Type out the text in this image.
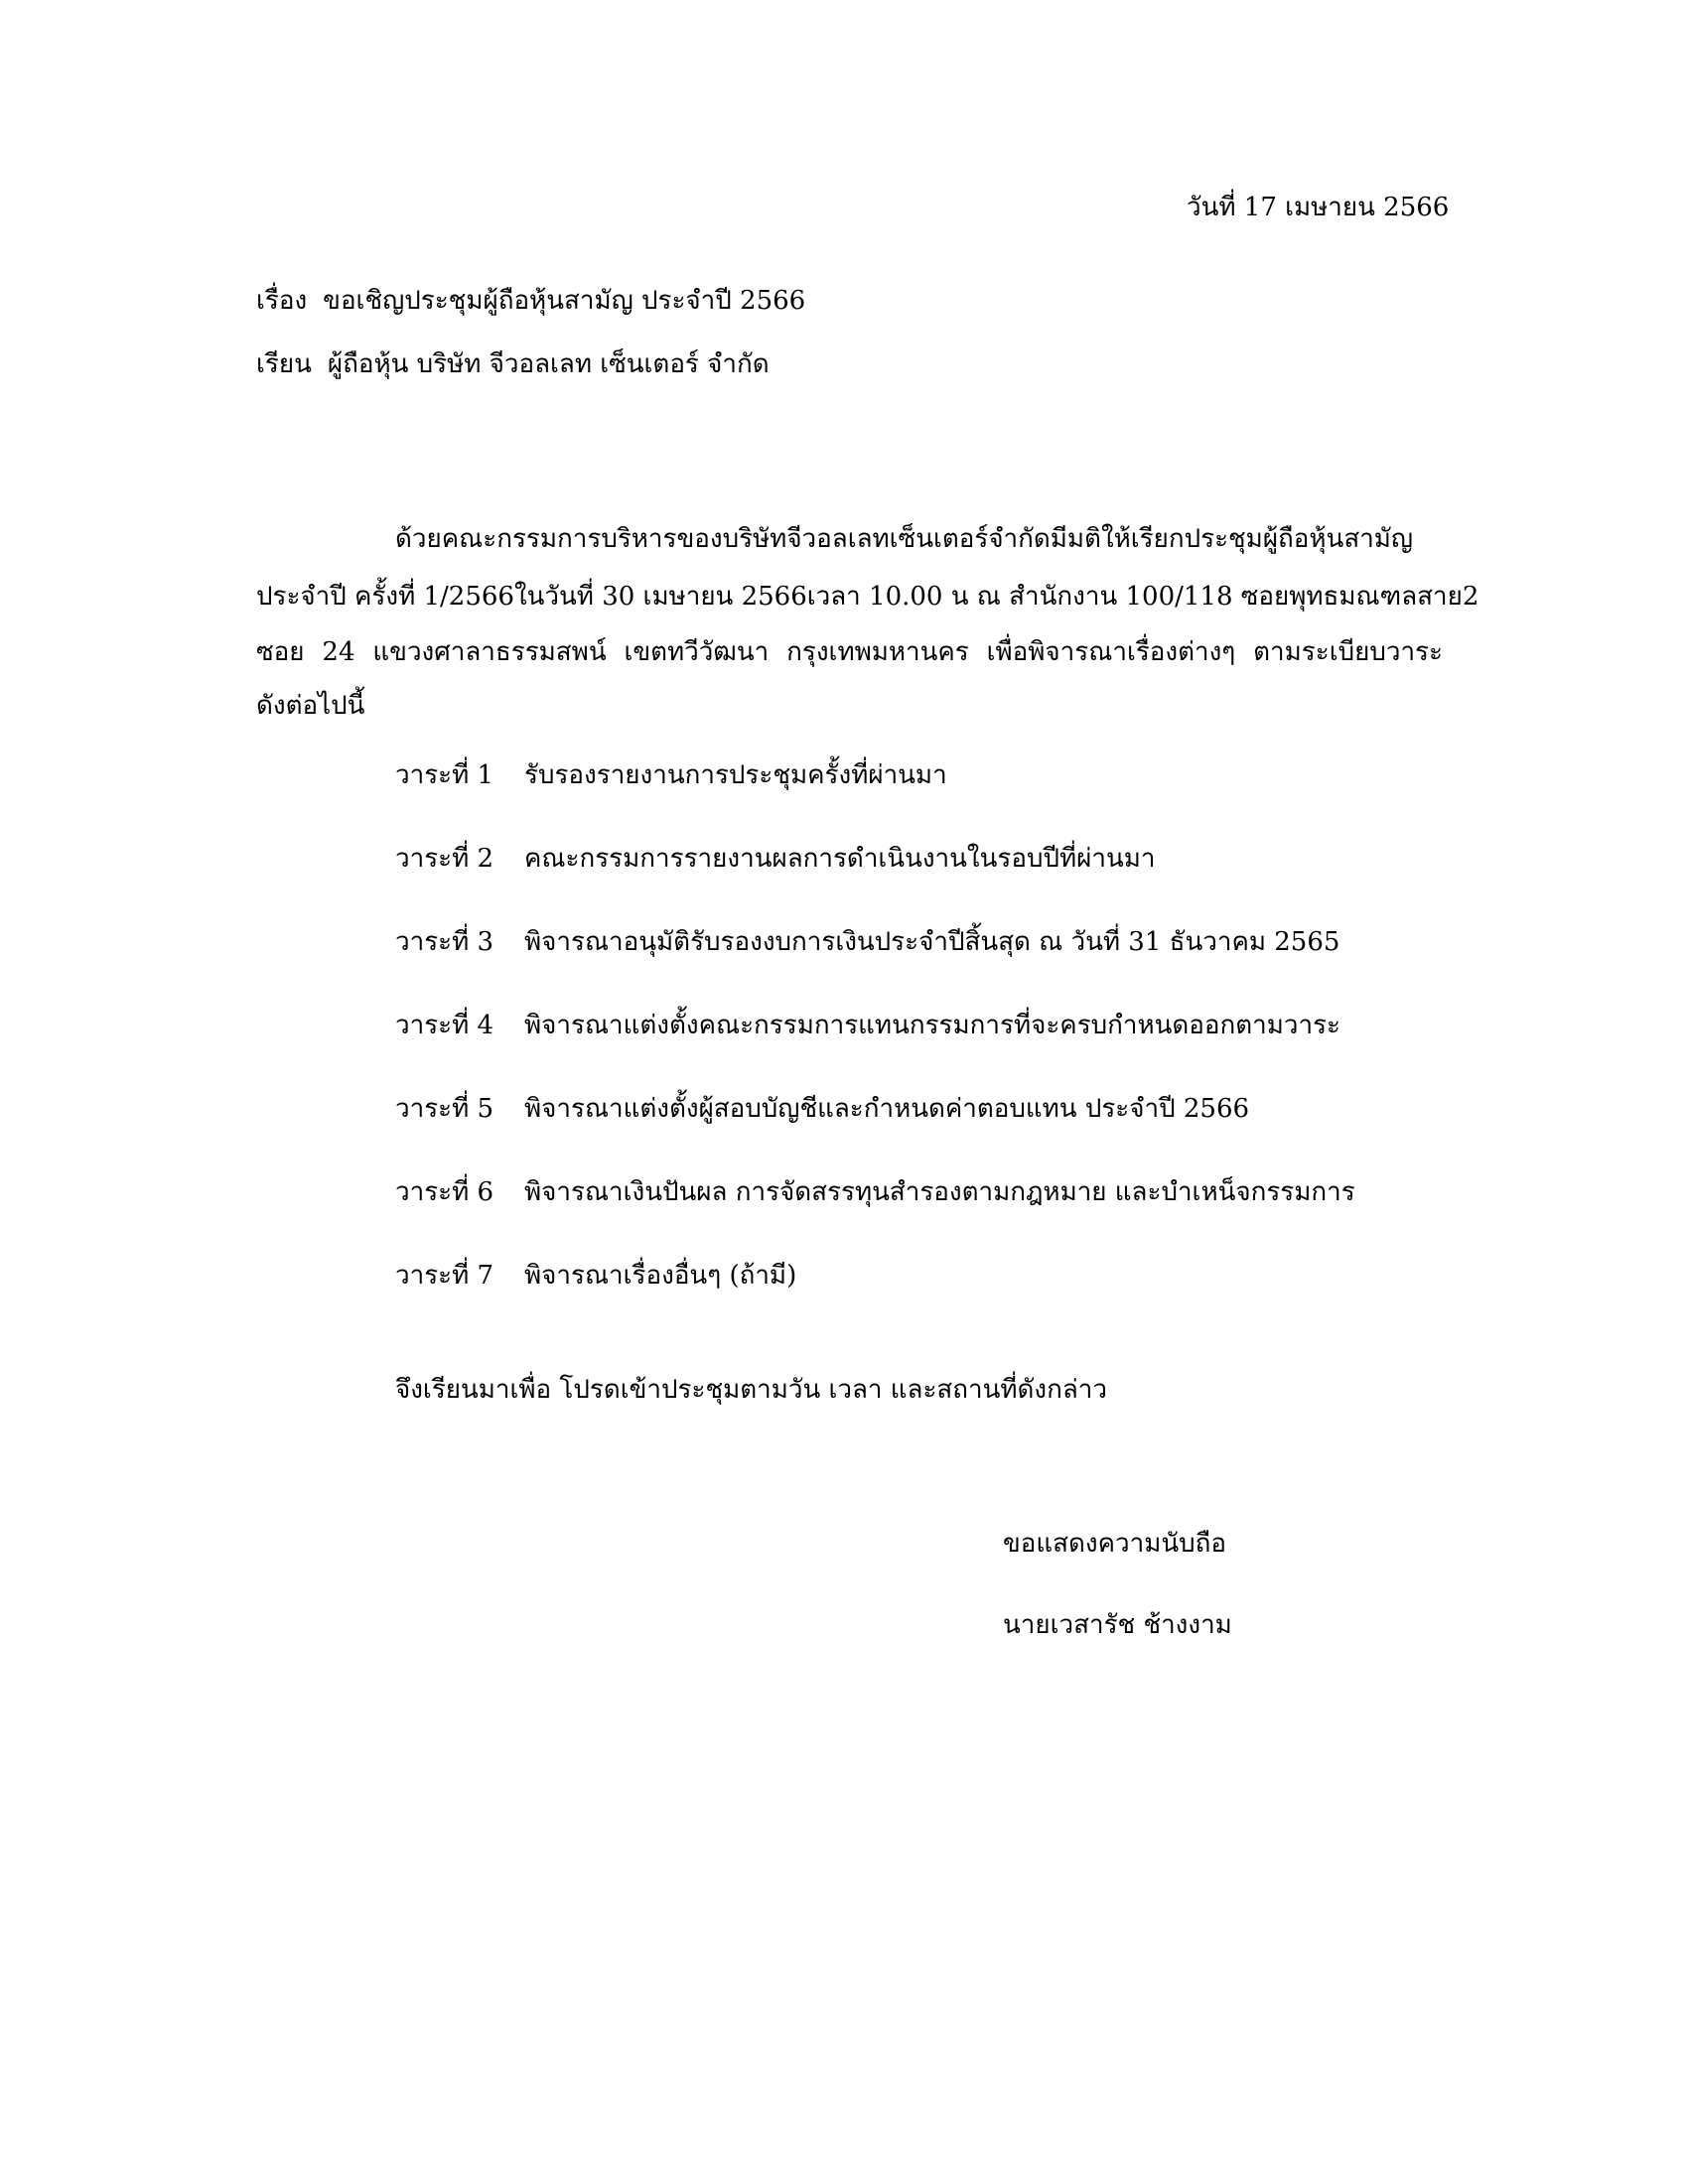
วันที่ 17 เมษายน 2566
เรื่อง ขอเชิญประชุมผู้ถือหุ้นสามัญ ประจำปี 2566
เรียน ผู้ถือหุ้น บริษัท จีวอลเลท เซ็นเตอร์ จำกัด
ด้วยคณะกรรมการบริหารของบริษัทจีวอลเลทเซ็นเตอร์จำกัดมีมติให้เรียกประชุมผู้ถือหุ้นสามัญ
ประจำปี ครั้งที่ 1/2566ในวันที่ 30 เมษายน 2566เวลา 10.00 น ณ สำนักงาน 100/118 ซอยพุทธมณฑลสาย2
ซอย 24 แขวงศาลาธรรมสพน์ เขตทวีวัฒนา กรุงเทพมหานคร เพื่อพิจารณาเรื่องต่างๆ ตามระเบียบวาระ
ดังต่อไปนี้
วาระที่ 1 รับรองรายงานการประชุมครั้งที่ผ่านมา
วาระที่ 2 คณะกรรมการรายงานผลการดำเนินงานในรอบปีที่ผ่านมา
วาระที่ 3 พิจารณาอนุมัติรับรองงบการเงินประจำปีสิ้นสุด ณ วันที่ 31 ธันวาคม 2565
วาระที่ 4 พิจารณาแต่งตั้งคณะกรรมการแทนกรรมการที่จะครบกำหนดออกตามวาระ
วาระที่ 5 พิจารณาแต่งตั้งผู้สอบบัญชีและกำหนดค่าตอบแทน ประจำปี 2566
วาระที่ 6 พิจารณาเงินปันผล การจัดสรรทุนสำรองตามกฎหมาย และบำเหน็จกรรมการ
วาระที่ 7 พิจารณาเรื่องอื่นๆ (ถ้ามี)
จึงเรียนมาเพื่อ โปรดเข้าประชุมตามวัน เวลา และสถานที่ดังกล่าว
ขอแสดงความนับถือ
นายเวสารัช ช้างงาม
